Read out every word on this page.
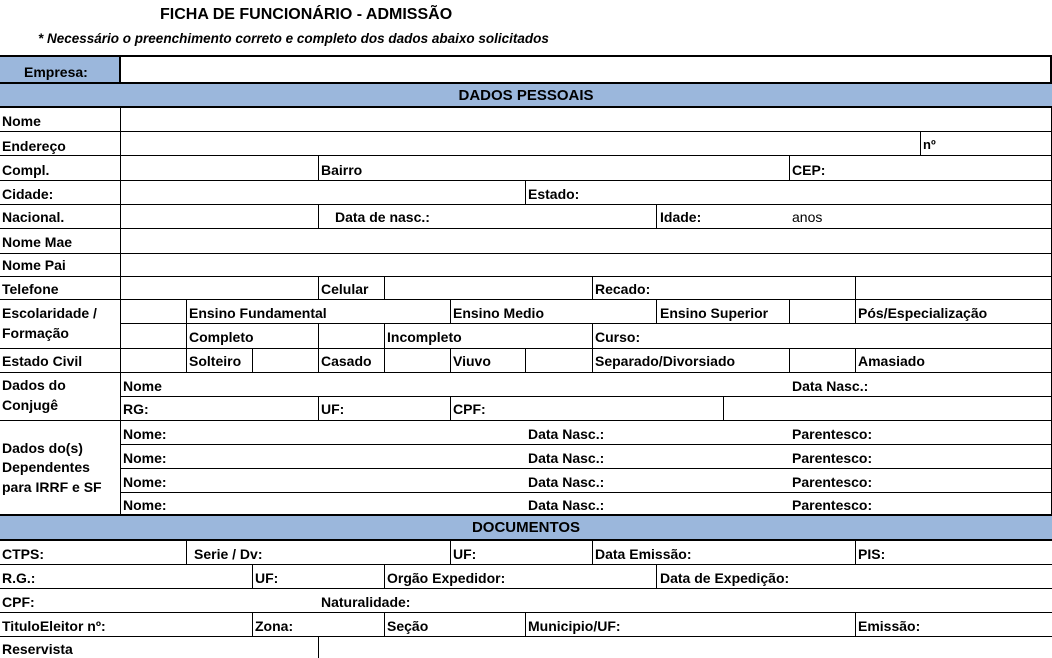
FICHA DE FUNCIONÁRIO - ADMISSÃO
* Necessário o preenchimento correto e completo dos dados abaixo solicitados
Empresa:
DADOS PESSOAIS
Nome
Endereço	nº
Compl.	Bairro	CEP:
Cidade:	Estado:
Nacional.	Data de nasc.:	Idade:	anos
Nome Mae
Nome Pai
Telefone	Celular	Recado:
Escolaridade /
Formação
Ensino Fundamental	Ensino Medio	Ensino Superior	Pós/Especialização
Completo	Incompleto	Curso:
Estado Civil	Solteiro	Casado	Viuvo	Separado/Divorsiado	Amasiado
Dados do
Conjugê
Nome	Data Nasc.:
RG:	UF:	CPF:
Dados do(s)
Dependentes
para IRRF e SF
Nome:	Data Nasc.:	Parentesco:
Nome:	Data Nasc.:	Parentesco:
Nome:	Data Nasc.:	Parentesco:
Nome:	Data Nasc.:	Parentesco:
DOCUMENTOS
CTPS:	Serie / Dv:	UF:	Data Emissão:	PIS:
R.G.:	UF:	Orgão Expedidor:	Data de Expedição:
CPF:	Naturalidade:
TituloEleitor nº:	Zona:	Seção	Municipio/UF:	Emissão:
Reservista
